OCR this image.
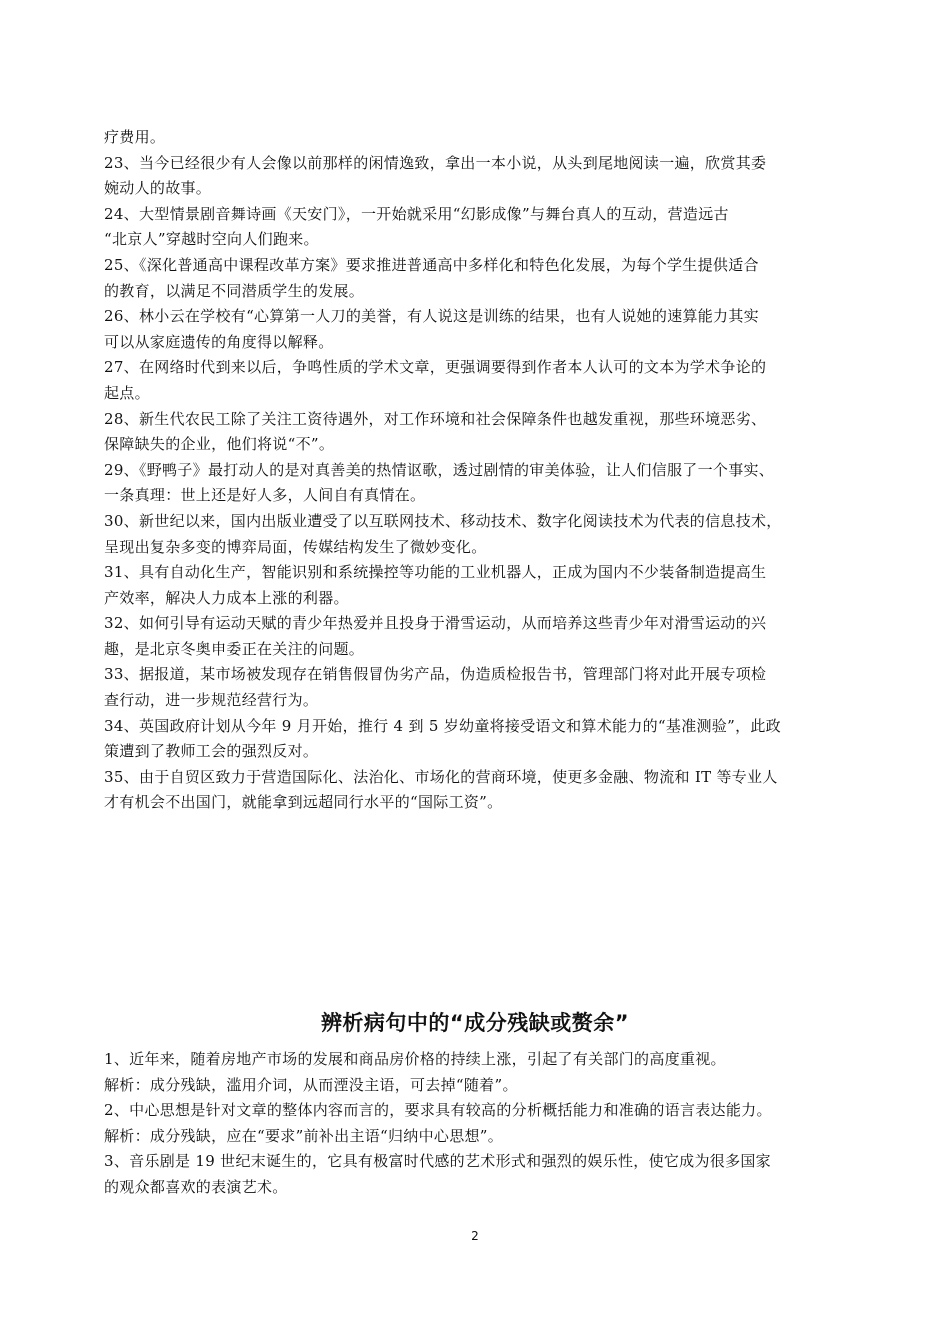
疗费用。
23、当今已经很少有人会像以前那样的闲情逸致，拿出一本小说，从头到尾地阅读一遍，欣赏其委
婉动人的故事。
24、大型情景剧音舞诗画《天安门》，一开始就采用“幻影成像”与舞台真人的互动，营造远古
“北京人”穿越时空向人们跑来。
25、《深化普通高中课程改革方案》要求推进普通高中多样化和特色化发展，为每个学生提供适合
的教育，以满足不同潜质学生的发展。
26、林小云在学校有“心算第一人刀的美誉，有人说这是训练的结果，也有人说她的速算能力其实
可以从家庭遗传的角度得以解释。
27、在网络时代到来以后，争鸣性质的学术文章，更强调要得到作者本人认可的文本为学术争论的
起点。
28、新生代农民工除了关注工资待遇外，对工作环境和社会保障条件也越发重视，那些环境恶劣、
保障缺失的企业，他们将说“不”。
29、《野鸭子》最打动人的是对真善美的热情讴歌，透过剧情的审美体验，让人们信服了一个事实、
一条真理：世上还是好人多，人间自有真情在。
30、新世纪以来，国内出版业遭受了以互联网技术、移动技术、数字化阅读技术为代表的信息技术，
呈现出复杂多变的博弈局面，传媒结构发生了微妙变化。
31、具有自动化生产，智能识别和系统操控等功能的工业机器人，正成为国内不少装备制造提高生
产效率，解决人力成本上涨的利器。
32、如何引导有运动天赋的青少年热爱并且投身于滑雪运动，从而培养这些青少年对滑雪运动的兴
趣，是北京冬奥申委正在关注的问题。
33、据报道，某市场被发现存在销售假冒伪劣产品，伪造质检报告书，管理部门将对此开展专项检
查行动，进一步规范经营行为。
34、英国政府计划从今年 9 月开始，推行 4 到 5 岁幼童将接受语文和算术能力的“基准测验”，此政
策遭到了教师工会的强烈反对。
35、由于自贸区致力于营造国际化、法治化、市场化的营商环境，使更多金融、物流和 IT 等专业人
才有机会不出国门，就能拿到远超同行水平的“国际工资”。
辨析病句中的“成分残缺或赘余”
1、近年来，随着房地产市场的发展和商品房价格的持续上涨，引起了有关部门的高度重视。
解析：成分残缺，滥用介词，从而湮没主语，可去掉“随着”。
2、中心思想是针对文章的整体内容而言的，要求具有较高的分析概括能力和准确的语言表达能力。
解析：成分残缺，应在“要求”前补出主语“归纳中心思想”。
3、音乐剧是 19 世纪末诞生的，它具有极富时代感的艺术形式和强烈的娱乐性，使它成为很多国家
的观众都喜欢的表演艺术。
2
